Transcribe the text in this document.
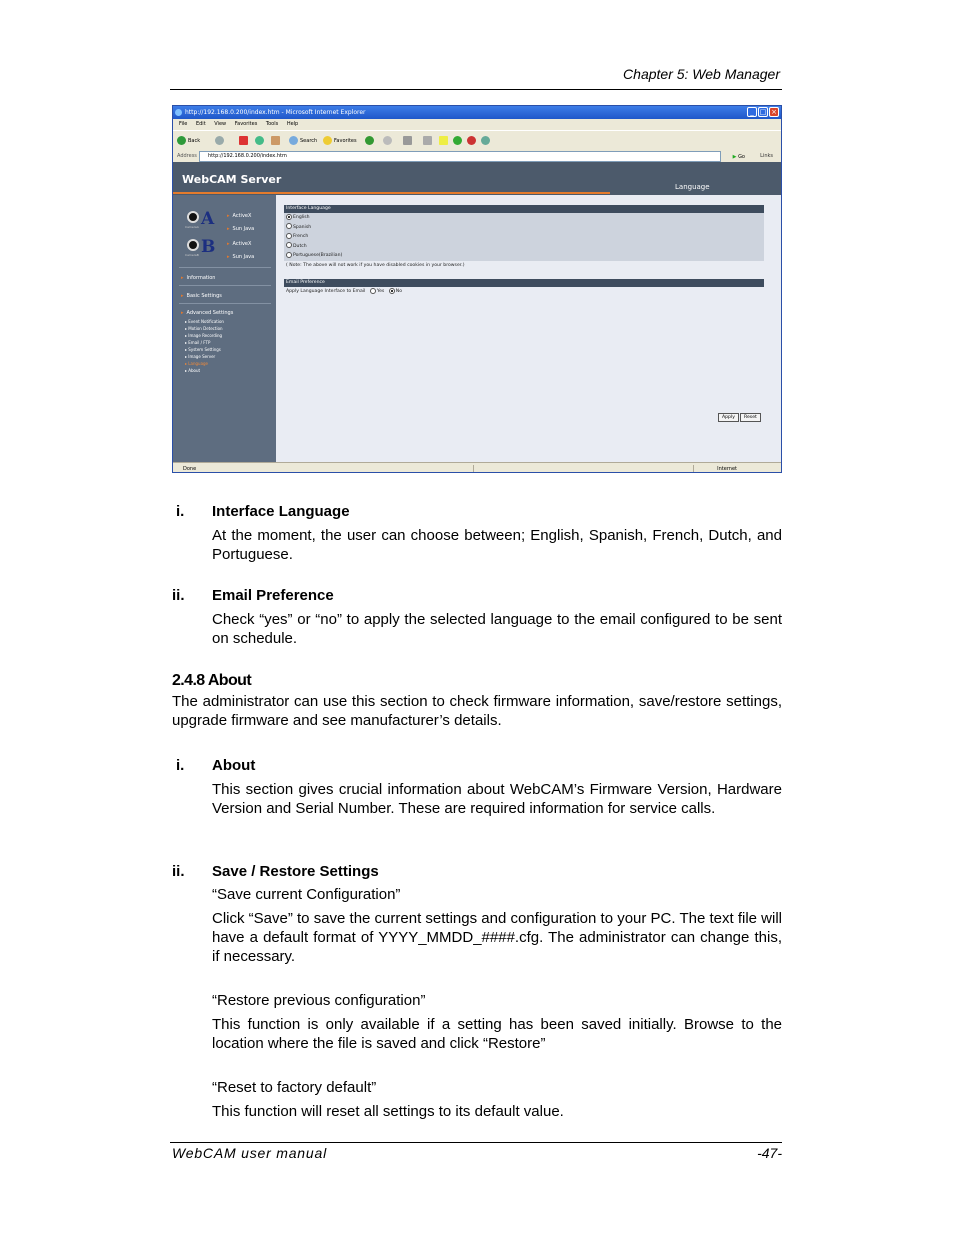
Chapter 5: Web Manager
http://192.168.0.200/index.htm - Microsoft Internet Explorer	_ □ ×
File Edit View Favorites Tools Help
Back	Search	Favorites
Address	http://192.168.0.200/index.htm	▶ Go	Links
WebCAM Server
Language
A
CameraA
▸ ActiveX
▸ Sun Java
B
CameraB
▸ ActiveX
▸ Sun Java
▸ Information
▸ Basic Settings
▸ Advanced Settings
▸ Event Notification
▸ Motion Detection
▸ Image Recording
▸ Email / FTP
▸ System Settings
▸ Image Server
▸ Language
▸ About
Interface Language
English
Spanish
French
Dutch
Portuguese(Brazilian)
( Note: The above will not work if you have disabled cookies in your browser.)
Email Preference
Apply Language Interface to Email Yes No
Apply	Reset
Done	Internet
i. Interface Language
At the moment, the user can choose between; English, Spanish, French, Dutch, and Portuguese.
ii. Email Preference
Check “yes” or “no” to apply the selected language to the email configured to be sent on schedule.
2.4.8 About
The administrator can use this section to check firmware information, save/restore settings, upgrade firmware and see manufacturer’s details.
i. About
This section gives crucial information about WebCAM’s Firmware Version, Hardware Version and Serial Number. These are required information for service calls.
ii. Save / Restore Settings
“Save current Configuration”
Click “Save” to save the current settings and configuration to your PC. The text file will have a default format of YYYY_MMDD_####.cfg. The administrator can change this, if necessary.
“Restore previous configuration”
This function is only available if a setting has been saved initially. Browse to the location where the file is saved and click “Restore”
“Reset to factory default”
This function will reset all settings to its default value.
WebCAM user manual	-47-
